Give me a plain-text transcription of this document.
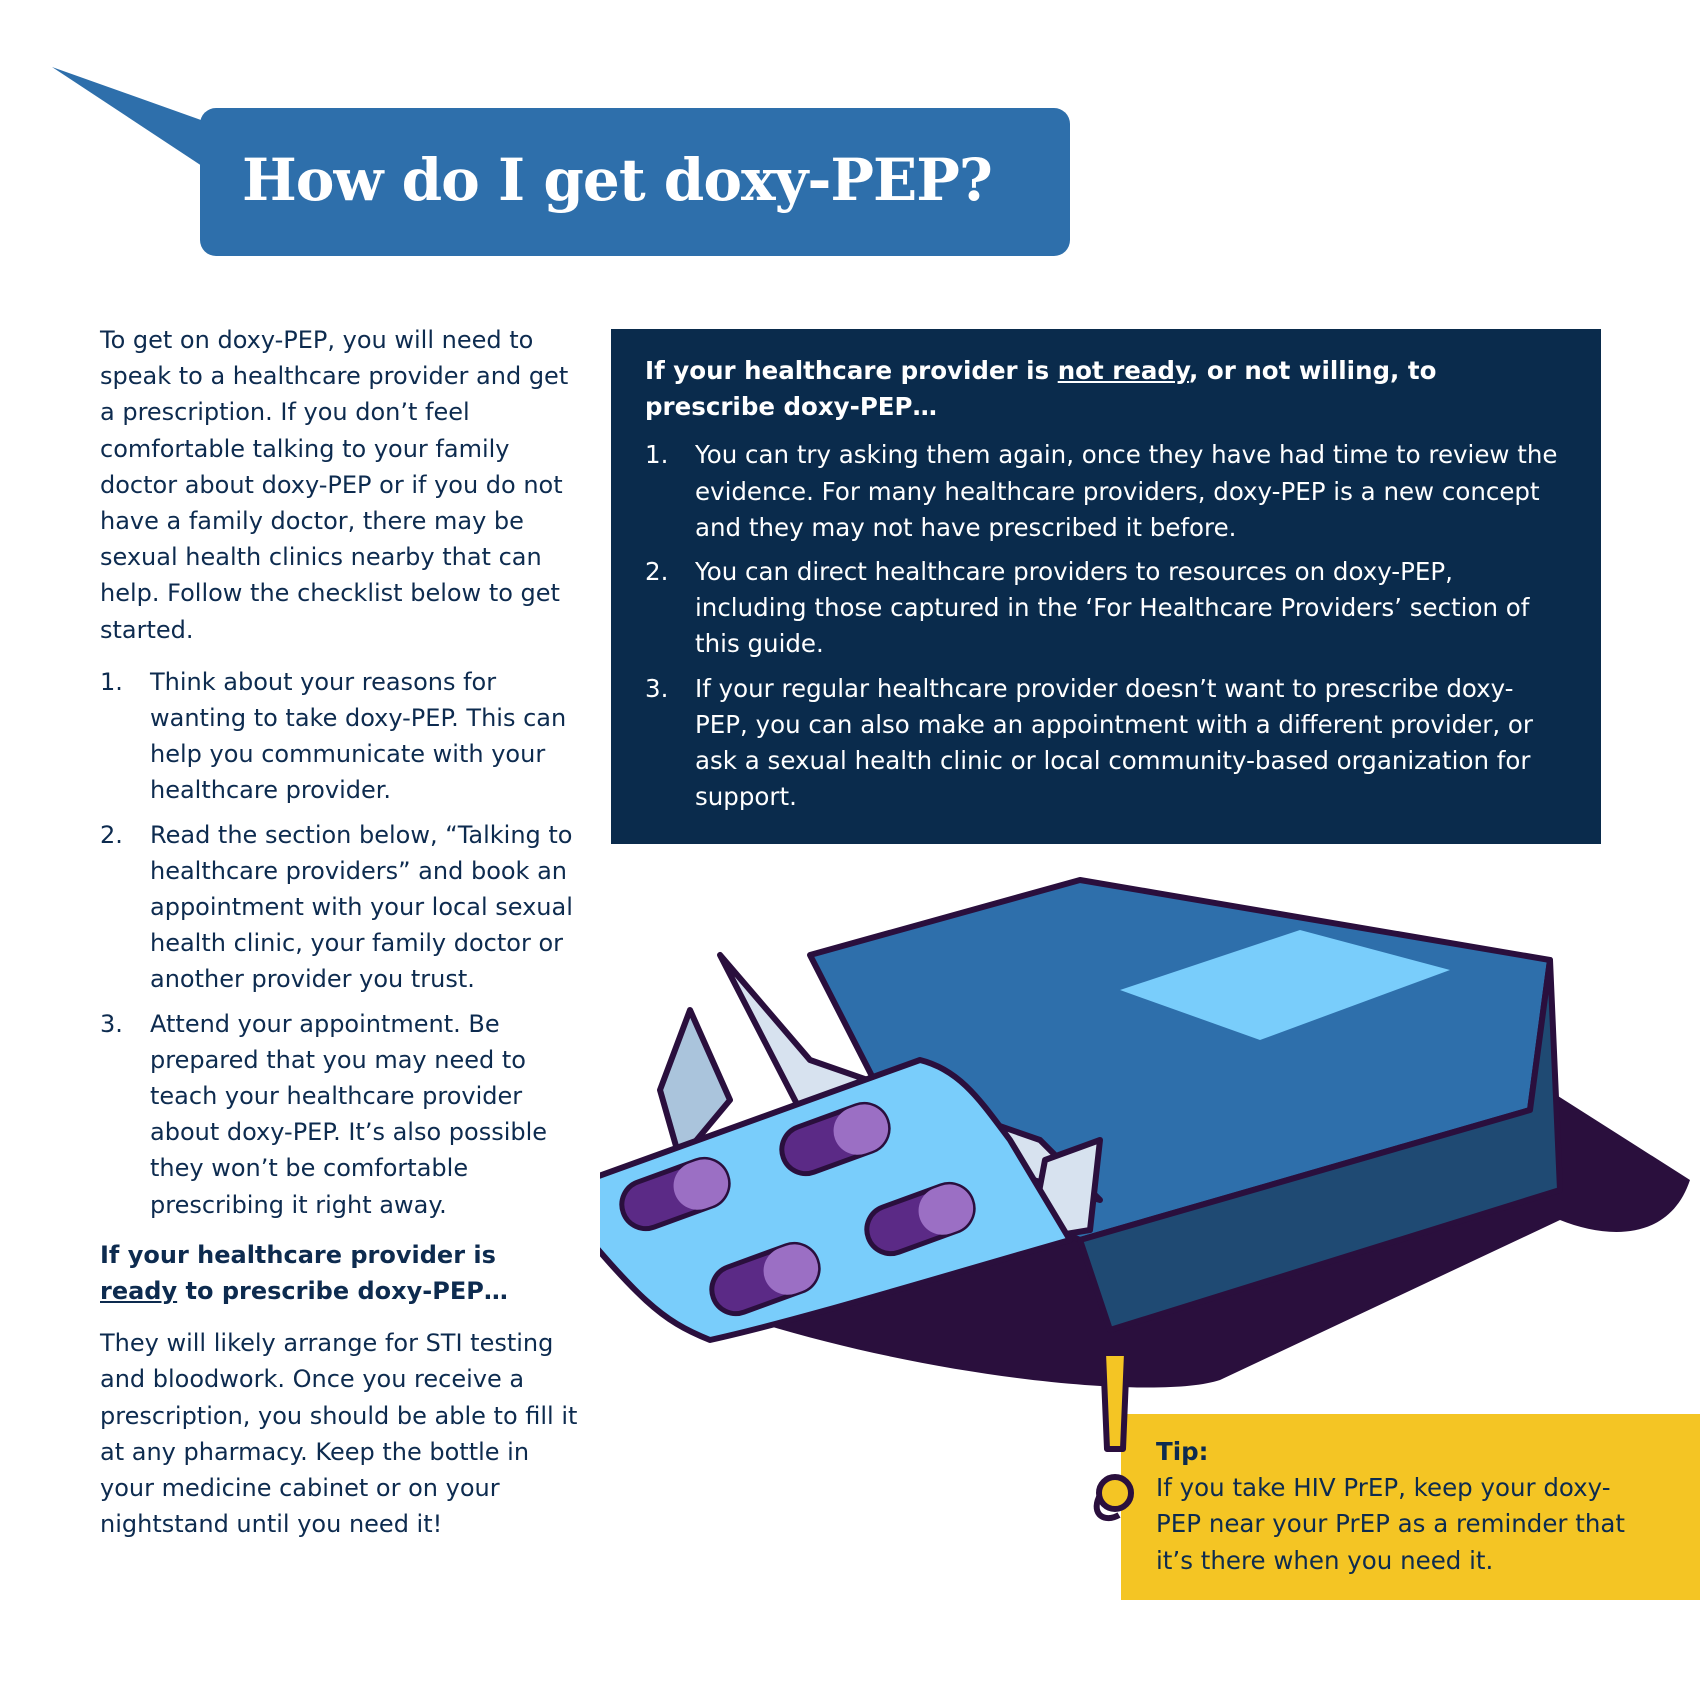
How do I get doxy-PEP?

To get on doxy-PEP, you will need to speak to a healthcare provider and get a prescription. If you don’t feel comfortable talking to your family doctor about doxy-PEP or if you do not have a family doctor, there may be sexual health clinics nearby that can help. Follow the checklist below to get started.

1. Think about your reasons for wanting to take doxy-PEP. This can help you communicate with your healthcare provider.
2. Read the section below, “Talking to healthcare providers” and book an appointment with your local sexual health clinic, your family doctor or another provider you trust.
3. Attend your appointment. Be prepared that you may need to teach your healthcare provider about doxy-PEP. It’s also possible they won’t be comfortable prescribing it right away.

If your healthcare provider is ready to prescribe doxy-PEP…

They will likely arrange for STI testing and bloodwork. Once you receive a prescription, you should be able to fill it at any pharmacy. Keep the bottle in your medicine cabinet or on your nightstand until you need it!

If your healthcare provider is not ready, or not willing, to prescribe doxy-PEP…

1. You can try asking them again, once they have had time to review the evidence. For many healthcare providers, doxy-PEP is a new concept and they may not have prescribed it before.
2. You can direct healthcare providers to resources on doxy-PEP, including those captured in the ‘For Healthcare Providers’ section of this guide.
3. If your regular healthcare provider doesn’t want to prescribe doxy-PEP, you can also make an appointment with a different provider, or ask a sexual health clinic or local community-based organization for support.

Tip:

If you take HIV PrEP, keep your doxy-PEP near your PrEP as a reminder that it’s there when you need it.
